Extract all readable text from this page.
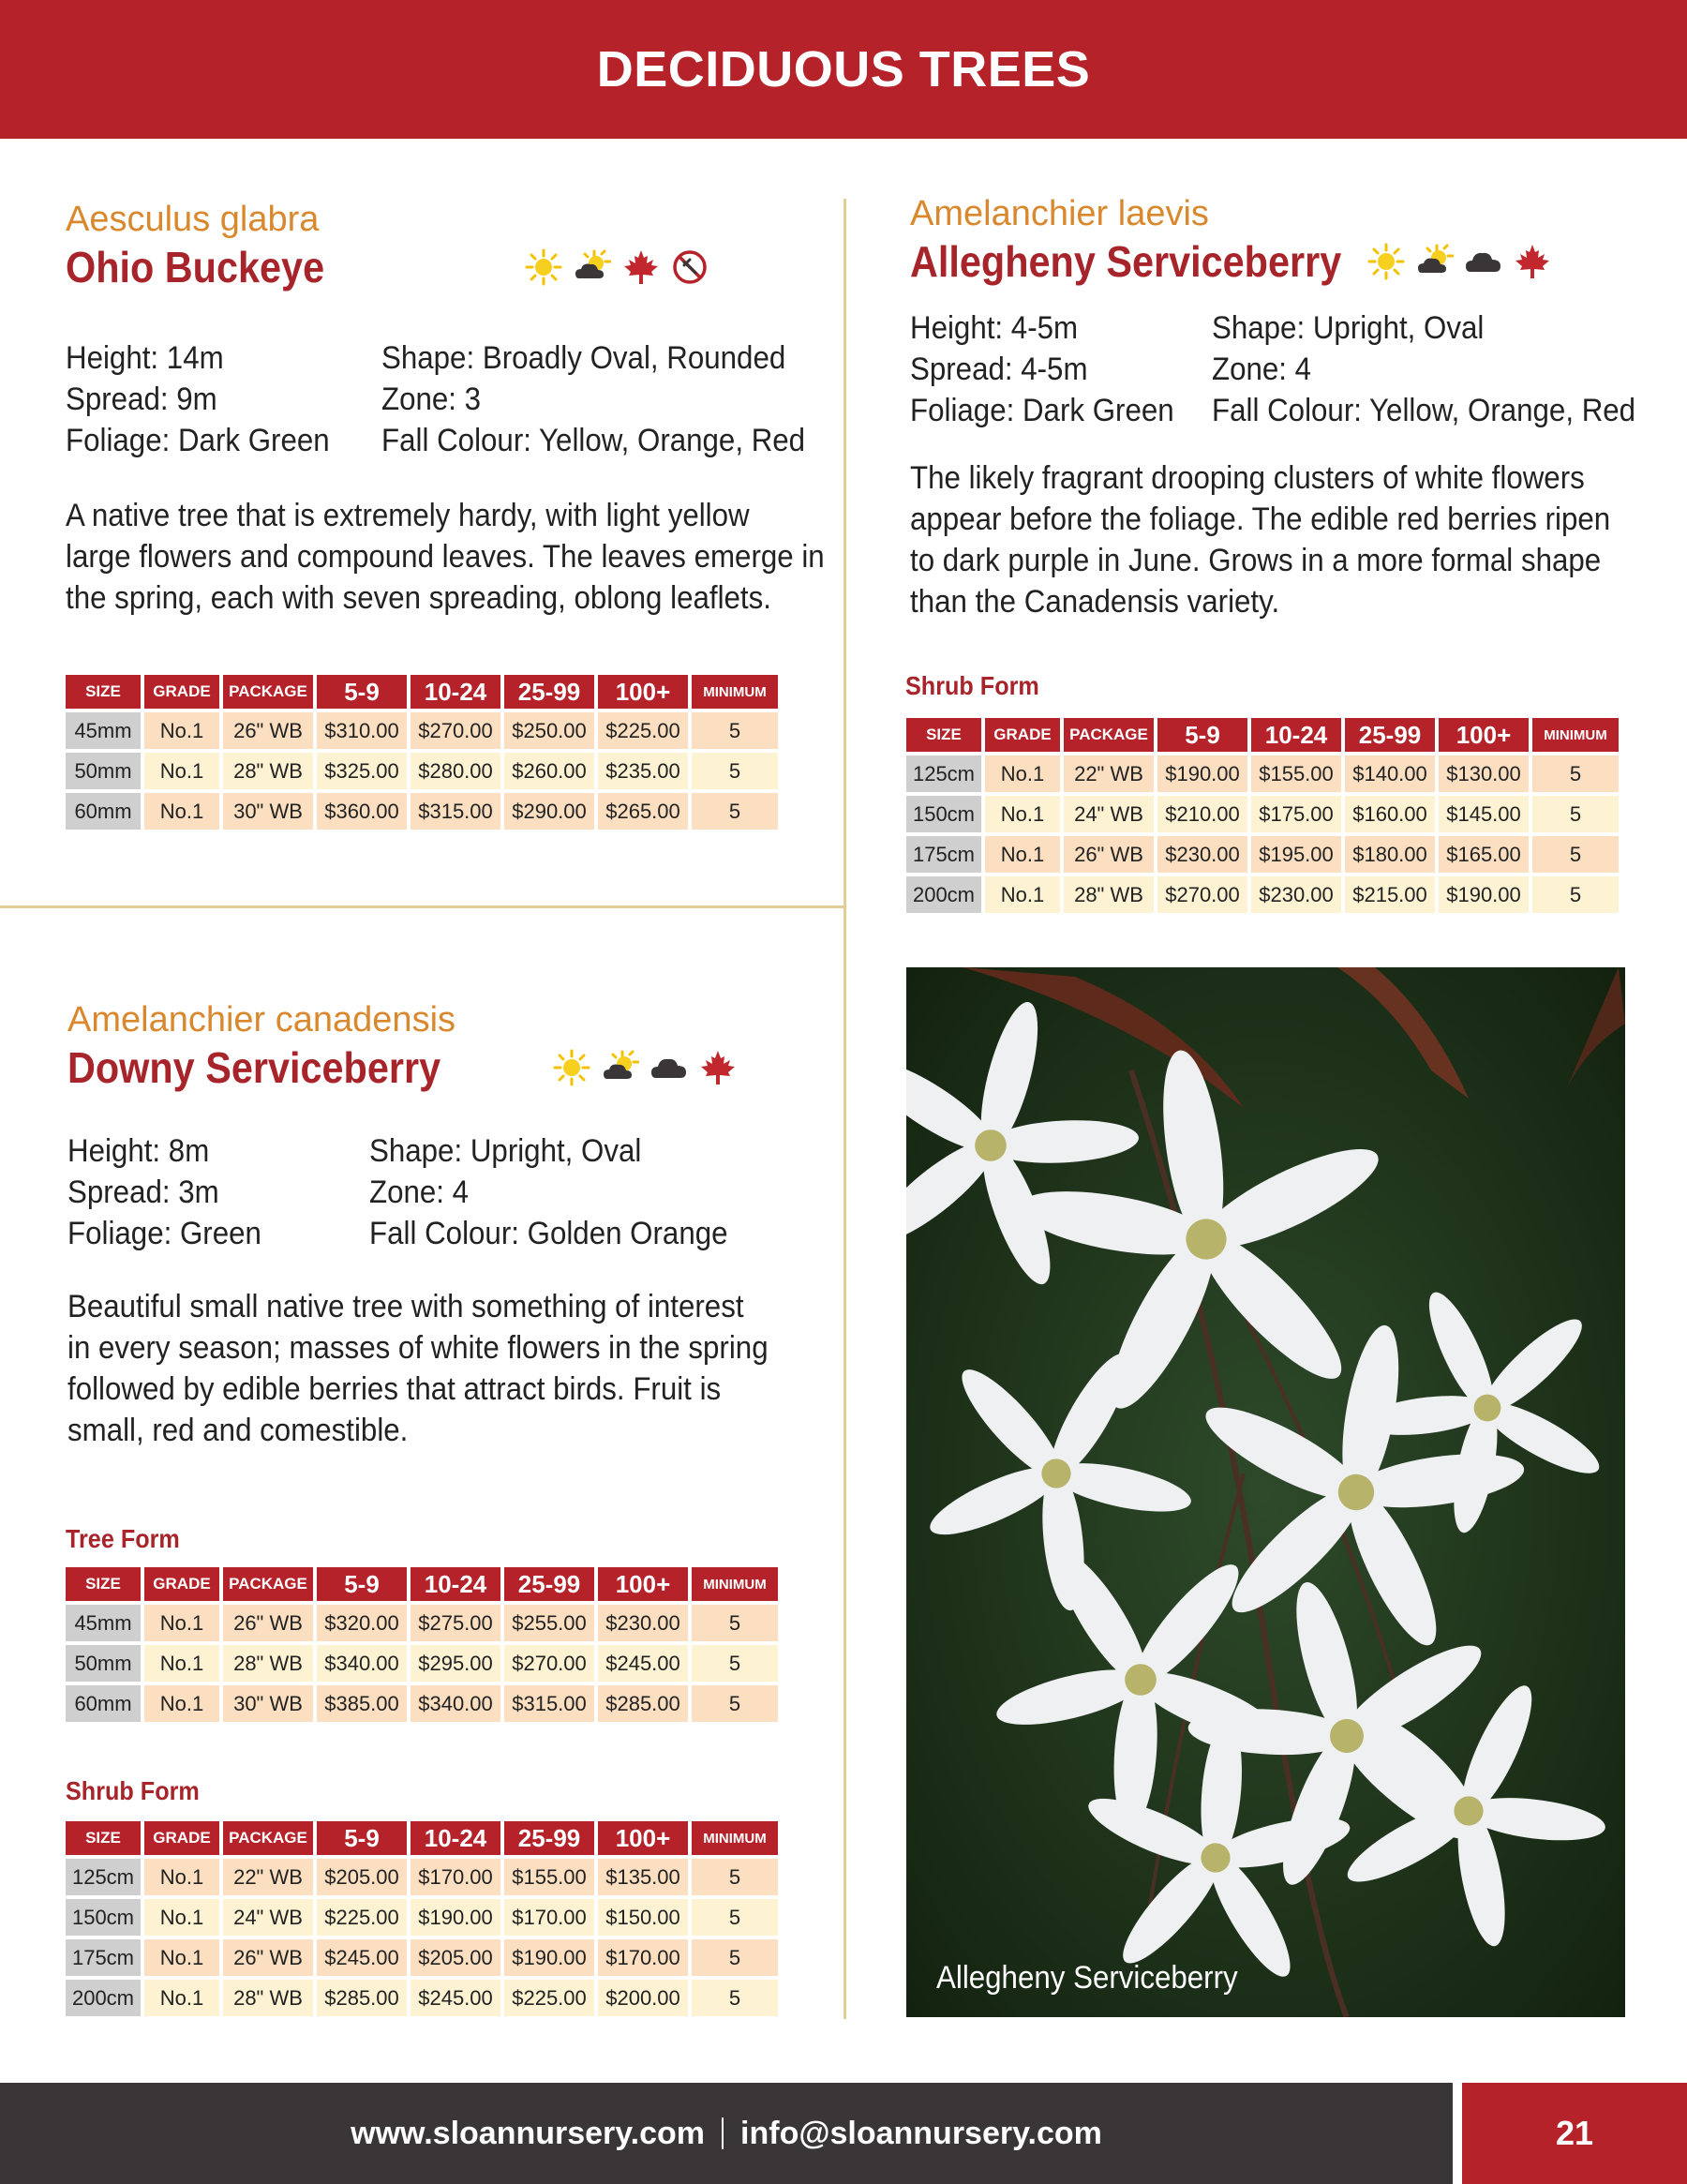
DECIDUOUS TREES
Aesculus glabra
Ohio Buckeye
Height: 14m	Shape: Broadly Oval, Rounded
Spread: 9m	Zone: 3
Foliage: Dark Green	Fall Colour: Yellow, Orange, Red
A native tree that is extremely hardy, with light yellow
large flowers and compound leaves. The leaves emerge in
the spring, each with seven spreading, oblong leaflets.
SIZE	GRADE	PACKAGE	5-9	10-24	25-99	100+	MINIMUM
45mm	No.1	26" WB	$310.00	$270.00	$250.00	$225.00	5
50mm	No.1	28" WB	$325.00	$280.00	$260.00	$235.00	5
60mm	No.1	30" WB	$360.00	$315.00	$290.00	$265.00	5
Amelanchier laevis
Allegheny Serviceberry
Height: 4-5m	Shape: Upright, Oval
Spread: 4-5m	Zone: 4
Foliage: Dark Green	Fall Colour: Yellow, Orange, Red
The likely fragrant drooping clusters of white flowers
appear before the foliage. The edible red berries ripen
to dark purple in June. Grows in a more formal shape
than the Canadensis variety.
Shrub Form
SIZE	GRADE	PACKAGE	5-9	10-24	25-99	100+	MINIMUM
125cm	No.1	22" WB	$190.00	$155.00	$140.00	$130.00	5
150cm	No.1	24" WB	$210.00	$175.00	$160.00	$145.00	5
175cm	No.1	26" WB	$230.00	$195.00	$180.00	$165.00	5
200cm	No.1	28" WB	$270.00	$230.00	$215.00	$190.00	5
Amelanchier canadensis
Downy Serviceberry
Height: 8m	Shape: Upright, Oval
Spread: 3m	Zone: 4
Foliage: Green	Fall Colour: Golden Orange
Beautiful small native tree with something of interest
in every season; masses of white flowers in the spring
followed by edible berries that attract birds. Fruit is
small, red and comestible.
Tree Form
SIZE	GRADE	PACKAGE	5-9	10-24	25-99	100+	MINIMUM
45mm	No.1	26" WB	$320.00	$275.00	$255.00	$230.00	5
50mm	No.1	28" WB	$340.00	$295.00	$270.00	$245.00	5
60mm	No.1	30" WB	$385.00	$340.00	$315.00	$285.00	5
Shrub Form
SIZE	GRADE	PACKAGE	5-9	10-24	25-99	100+	MINIMUM
125cm	No.1	22" WB	$205.00	$170.00	$155.00	$135.00	5
150cm	No.1	24" WB	$225.00	$190.00	$170.00	$150.00	5
175cm	No.1	26" WB	$245.00	$205.00	$190.00	$170.00	5
200cm	No.1	28" WB	$285.00	$245.00	$225.00	$200.00	5
Allegheny Serviceberry
www.sloannursery.com info@sloannursery.com	21
